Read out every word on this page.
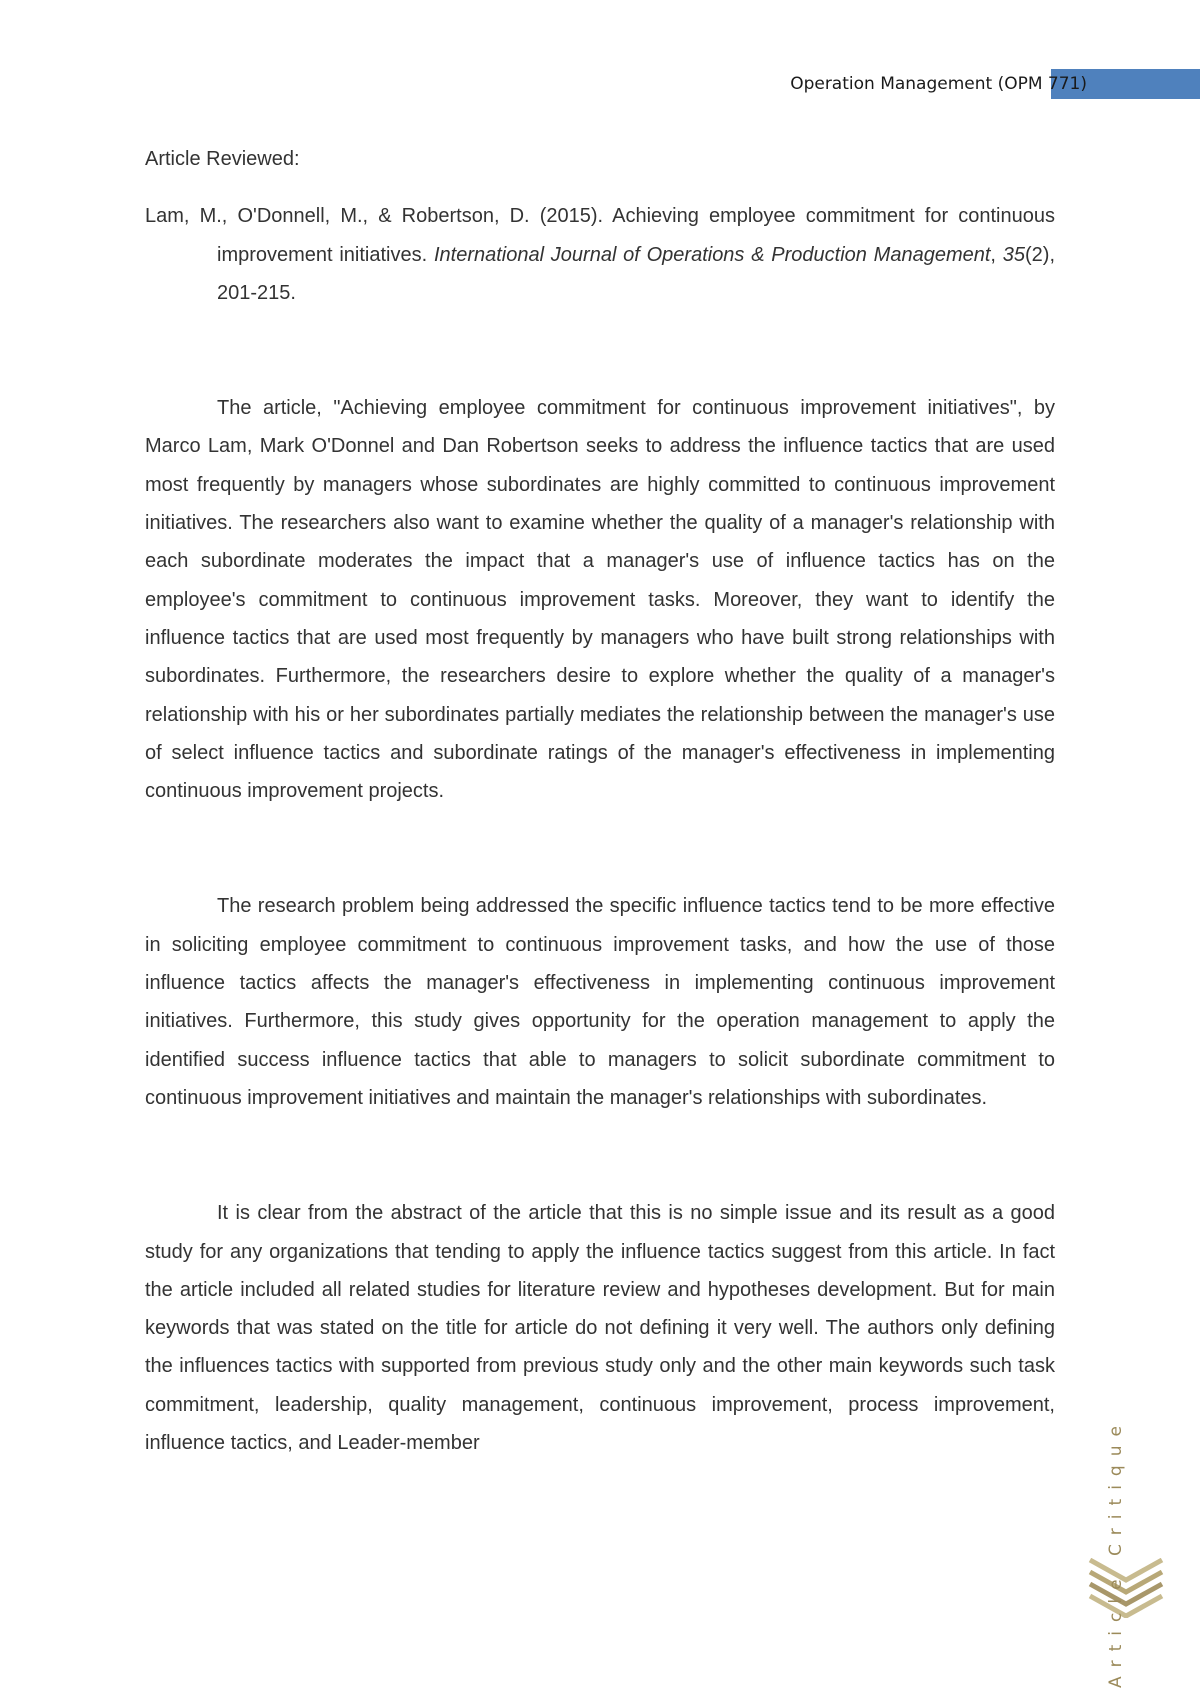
Operation Management (OPM 771)

Article Reviewed:

Lam, M., O'Donnell, M., & Robertson, D. (2015). Achieving employee commitment for continuous improvement initiatives. International Journal of Operations & Production Management, 35(2), 201-215.

The article, "Achieving employee commitment for continuous improvement initiatives", by Marco Lam, Mark O'Donnel and Dan Robertson seeks to address the influence tactics that are used most frequently by managers whose subordinates are highly committed to continuous improvement initiatives. The researchers also want to examine whether the quality of a manager's relationship with each subordinate moderates the impact that a manager's use of influence tactics has on the employee's commitment to continuous improvement tasks. Moreover, they want to identify the influence tactics that are used most frequently by managers who have built strong relationships with subordinates. Furthermore, the researchers desire to explore whether the quality of a manager's relationship with his or her subordinates partially mediates the relationship between the manager's use of select influence tactics and subordinate ratings of the manager's effectiveness in implementing continuous improvement projects.

The research problem being addressed the specific influence tactics tend to be more effective in soliciting employee commitment to continuous improvement tasks, and how the use of those influence tactics affects the manager's effectiveness in implementing continuous improvement initiatives. Furthermore, this study gives opportunity for the operation management to apply the identified success influence tactics that able to managers to solicit subordinate commitment to continuous improvement initiatives and maintain the manager's relationships with subordinates.

It is clear from the abstract of the article that this is no simple issue and its result as a good study for any organizations that tending to apply the influence tactics suggest from this article. In fact the article included all related studies for literature review and hypotheses development. But for main keywords that was stated on the title for article do not defining it very well. The authors only defining the influences tactics with supported from previous study only and the other main keywords such task commitment, leadership, quality management, continuous improvement, process improvement, influence tactics, and Leader-member	Article Critique
